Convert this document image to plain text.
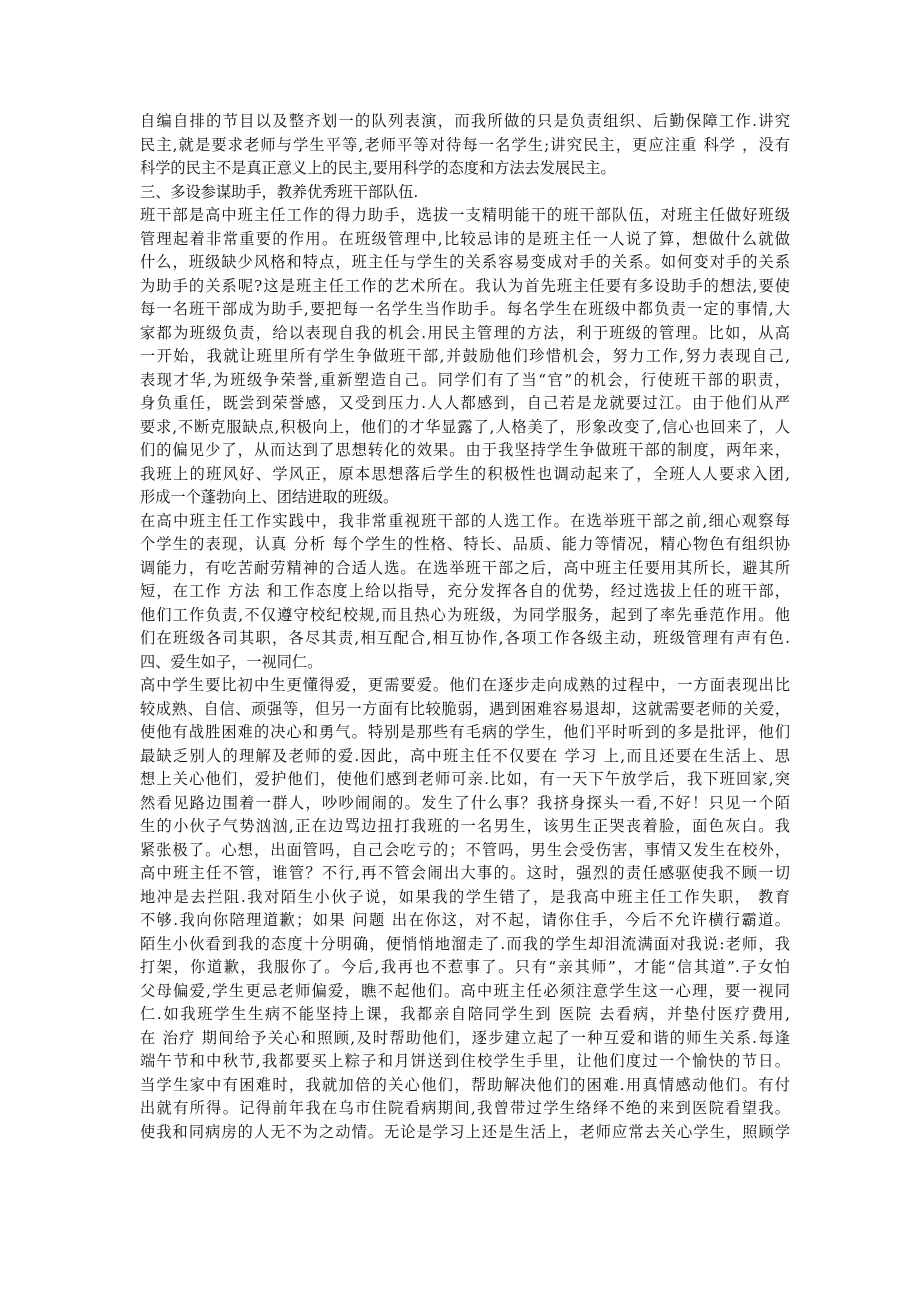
自编自排的节目以及整齐划一的队列表演，而我所做的只是负责组织、后勤保障工作.讲究
民主,就是要求老师与学生平等,老师平等对待每一名学生;讲究民主，更应注重 科学 ，没有
科学的民主不是真正意义上的民主,要用科学的态度和方法去发展民主。
三、多设参谋助手，教养优秀班干部队伍.
班干部是高中班主任工作的得力助手，选拔一支精明能干的班干部队伍，对班主任做好班级
管理起着非常重要的作用。在班级管理中,比较忌讳的是班主任一人说了算，想做什么就做
什么，班级缺少风格和特点，班主任与学生的关系容易变成对手的关系。如何变对手的关系
为助手的关系呢?这是班主任工作的艺术所在。我认为首先班主任要有多设助手的想法,要使
每一名班干部成为助手,要把每一名学生当作助手。每名学生在班级中都负责一定的事情,大
家都为班级负责，给以表现自我的机会.用民主管理的方法，利于班级的管理。比如，从高
一开始，我就让班里所有学生争做班干部,并鼓励他们珍惜机会，努力工作,努力表现自己,
表现才华,为班级争荣誉,重新塑造自己。同学们有了当“官”的机会，行使班干部的职责，
身负重任，既尝到荣誉感，又受到压力.人人都感到，自己若是龙就要过江。由于他们从严
要求,不断克服缺点,积极向上，他们的才华显露了,人格美了，形象改变了,信心也回来了，人
们的偏见少了，从而达到了思想转化的效果。由于我坚持学生争做班干部的制度，两年来，
我班上的班风好、学风正，原本思想落后学生的积极性也调动起来了，全班人人要求入团,
形成一个蓬勃向上、团结进取的班级。
在高中班主任工作实践中，我非常重视班干部的人选工作。在选举班干部之前,细心观察每
个学生的表现，认真 分析 每个学生的性格、特长、品质、能力等情况，精心物色有组织协
调能力，有吃苦耐劳精神的合适人选。在选举班干部之后，高中班主任要用其所长，避其所
短，在工作 方法 和工作态度上给以指导，充分发挥各自的优势，经过选拔上任的班干部，
他们工作负责,不仅遵守校纪校规,而且热心为班级，为同学服务，起到了率先垂范作用。他
们在班级各司其职，各尽其责,相互配合,相互协作,各项工作各级主动，班级管理有声有色.
四、爱生如子，一视同仁。
高中学生要比初中生更懂得爱，更需要爱。他们在逐步走向成熟的过程中，一方面表现出比
较成熟、自信、顽强等，但另一方面有比较脆弱，遇到困难容易退却，这就需要老师的关爱，
使他有战胜困难的决心和勇气。特别是那些有毛病的学生，他们平时听到的多是批评，他们
最缺乏别人的理解及老师的爱.因此，高中班主任不仅要在 学习 上,而且还要在生活上、思
想上关心他们，爱护他们，使他们感到老师可亲.比如，有一天下午放学后，我下班回家,突
然看见路边围着一群人，吵吵闹闹的。发生了什么事？我挤身探头一看,不好！只见一个陌
生的小伙子气势汹汹,正在边骂边扭打我班的一名男生，该男生正哭丧着脸，面色灰白。我
紧张极了。心想，出面管吗，自己会吃亏的；不管吗，男生会受伤害，事情又发生在校外，
高中班主任不管，谁管？不行,再不管会闹出大事的。这时，强烈的责任感驱使我不顾一切
地冲是去拦阻.我对陌生小伙子说，如果我的学生错了，是我高中班主任工作失职， 教育
不够.我向你陪理道歉；如果 问题 出在你这，对不起，请你住手，今后不允许横行霸道。
陌生小伙看到我的态度十分明确，便悄悄地溜走了.而我的学生却泪流满面对我说:老师，我
打架，你道歉，我服你了。今后,我再也不惹事了。只有“亲其师”，才能“信其道”.子女怕
父母偏爱,学生更忌老师偏爱，瞧不起他们。高中班主任必须注意学生这一心理，要一视同
仁.如我班学生生病不能坚持上课，我都亲自陪同学生到 医院 去看病，并垫付医疗费用,
在 治疗 期间给予关心和照顾,及时帮助他们，逐步建立起了一种互爱和谐的师生关系.每逢
端午节和中秋节,我都要买上粽子和月饼送到住校学生手里，让他们度过一个愉快的节日。
当学生家中有困难时，我就加倍的关心他们，帮助解决他们的困难.用真情感动他们。有付
出就有所得。记得前年我在乌市住院看病期间,我曾带过学生络绎不绝的来到医院看望我。
使我和同病房的人无不为之动情。无论是学习上还是生活上，老师应常去关心学生，照顾学
